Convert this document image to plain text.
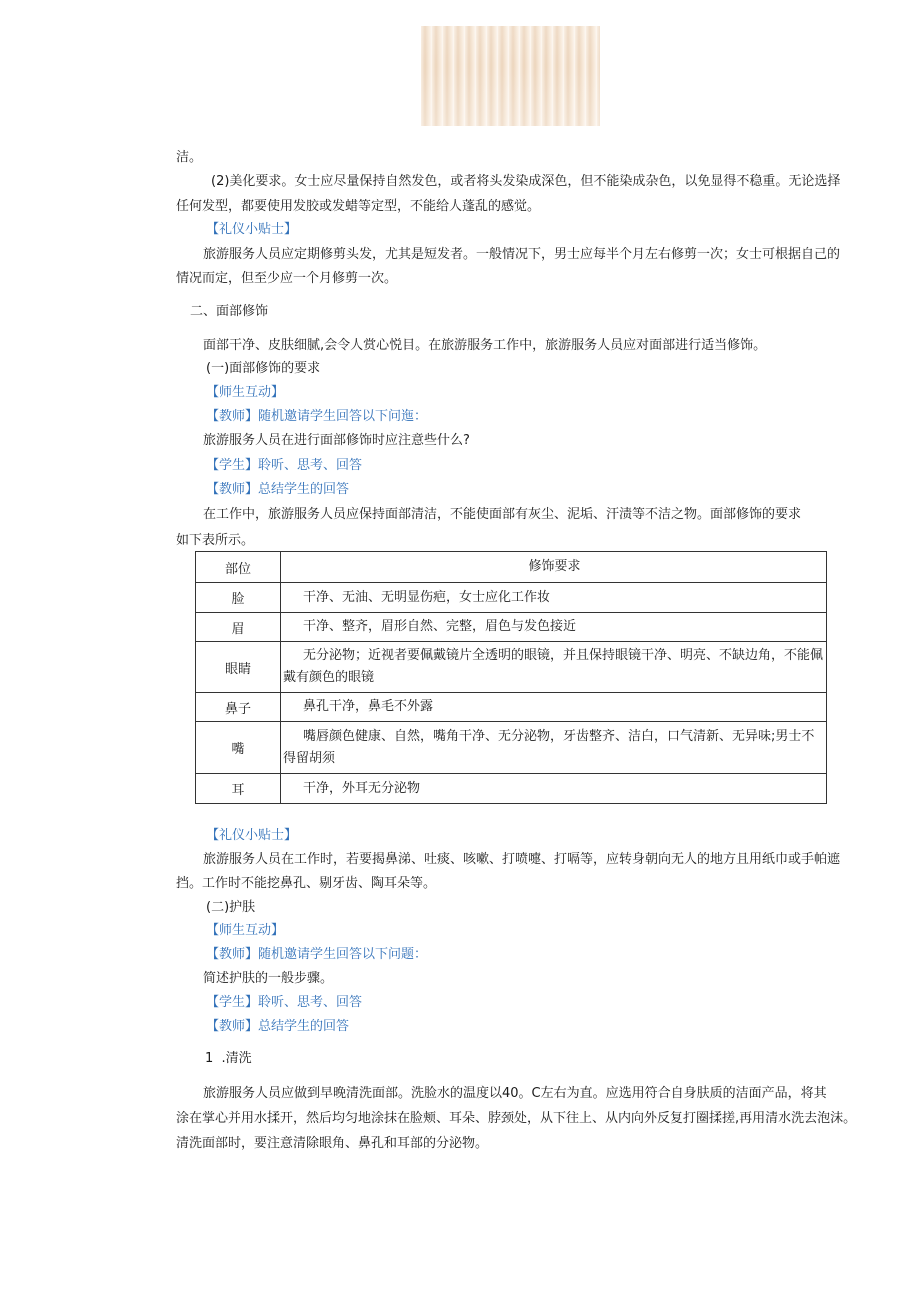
洁。
(2)美化要求。女士应尽量保持自然发色，或者将头发染成深色，但不能染成杂色，以免显得不稳重。无论选择
任何发型，都要使用发胶或发蜡等定型，不能给人蓬乱的感觉。
【礼仪小贴士】
旅游服务人员应定期修剪头发，尤其是短发者。一般情况下，男士应每半个月左右修剪一次；女士可根据自己的
情况而定，但至少应一个月修剪一次。
二、面部修饰
面部干净、皮肤细腻,会令人赏心悦目。在旅游服务工作中，旅游服务人员应对面部进行适当修饰。
(一)面部修饰的要求
【师生互动】
【教师】随机邀请学生回答以下问迤：
旅游服务人员在进行面部修饰时应注意些什么?
【学生】聆听、思考、回答
【教师】总结学生的回答
在工作中，旅游服务人员应保持面部清洁，不能使面部有灰尘、泥垢、汗渍等不洁之物。面部修饰的要求
如下表所示。
部位	修饰要求
脸	干净、无油、无明显伤疤，女士应化工作妆

眉	干净、整齐，眉形自然、完整，眉色与发色接近

眼睛	无分泌物；近视者要佩戴镜片全透明的眼镜，并且保持眼镜干净、明亮、不缺边角，不能佩
戴有颜色的眼镜

鼻子	鼻孔干净，鼻毛不外露

嘴	嘴唇颜色健康、自然，嘴角干净、无分泌物，牙齿整齐、洁白，口气清新、无异味;男士不
得留胡须

耳	干净，外耳无分泌物
【礼仪小贴士】
旅游服务人员在工作时，若要揭鼻涕、吐痰、咳嗽、打喷嚏、打嗝等，应转身朝向无人的地方且用纸巾或手帕遮
挡。工作时不能挖鼻孔、剔牙齿、陶耳朵等。
(二)护肤
【师生互动】
【教师】随机邀请学生回答以下问题：
简述护肤的一般步骤。
【学生】聆听、思考、回答
【教师】总结学生的回答
1  .清洗
旅游服务人员应做到早晚清洗面部。洗脸水的温度以40。C左右为直。应选用符合自身肤质的洁面产品，将其
涂在掌心并用水揉开，然后均匀地涂抹在脸颊、耳朵、脖颈处，从下往上、从内向外反复打圈揉搓,再用清水洗去泡沫。
清洗面部时，要注意清除眼角、鼻孔和耳部的分泌物。
